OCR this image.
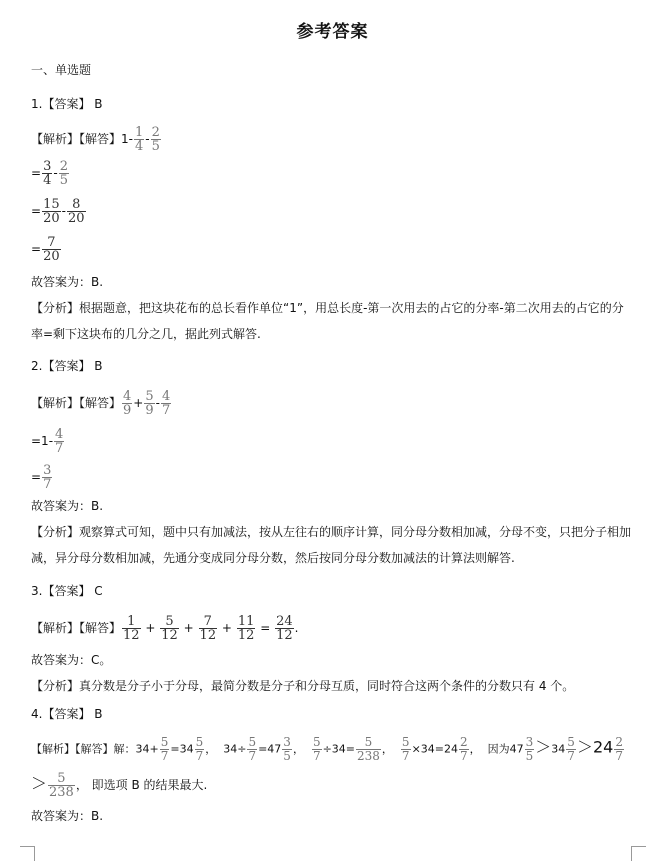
参考答案
一、单选题
1.【答案】 B
【解析】【解答】$1- \frac{1}{4} - \frac{2}{5}$
= $\frac{3}{4} - \frac{2}{5}$
= $\frac{15}{20} - \frac{8}{20}$
= $\frac{7}{20}$
故答案为：B.
【分析】根据题意，把这块花布的总长看作单位“1”，用总长度-第一次用去的占它的分率-第二次用去的占它的分率=剩下这块布的几分之几，据此列式解答.
2.【答案】 B
【解析】【解答】 $\frac{4}{9} + \frac{5}{9} - \frac{4}{7}$
$=1- \frac{4}{7}$
= $\frac{3}{7}$
故答案为：B.
【分析】观察算式可知，题中只有加减法，按从左往右的顺序计算，同分母分数相加减，分母不变，只把分子相加减，异分母分数相加减，先通分变成同分母分数，然后按同分母分数加减法的计算法则解答.
3.【答案】 C
【解析】【解答】 $\frac{1}{12} + \frac{5}{12} + \frac{7}{12} + \frac{11}{12} = \frac{24}{12}$ .
故答案为：C。
【分析】真分数是分子小于分母，最简分数是分子和分母互质，同时符合这两个条件的分数只有 4 个。
4.【答案】 B
【解析】【解答】解：$34+ \frac{5}{7} =34 \frac{5}{7}$ ，  $34\div \frac{5}{7} =47 \frac{3}{5}$ ， $\frac{5}{7} \div 34= \frac{5}{238}$ ， $\frac{5}{7} \times 34=24 \frac{2}{7}$ ，  因为$47 \frac{3}{5} >34 \frac{5}{7} >24 \frac{2}{7}$
＞ $\frac{5}{238}$ ， 即选项 B 的结果最大.
故答案为：B.
